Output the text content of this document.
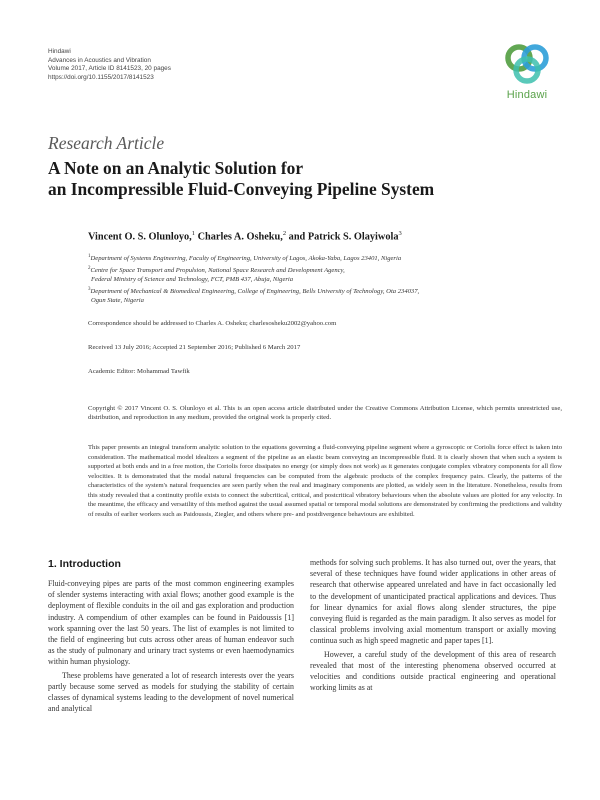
Hindawi
Advances in Acoustics and Vibration
Volume 2017, Article ID 8141523, 20 pages
https://doi.org/10.1155/2017/8141523
Hindawi
Research Article
A Note on an Analytic Solution for
an Incompressible Fluid-Conveying Pipeline System
Vincent O. S. Olunloyo,$^1$ Charles A. Osheku,$^2$ and Patrick S. Olayiwola$^3$
$^1$Department of Systems Engineering, Faculty of Engineering, University of Lagos, Akoka-Yaba, Lagos 23401, Nigeria
$^2$Centre for Space Transport and Propulsion, National Space Research and Development Agency,
Federal Ministry of Science and Technology, FCT, PMB 437, Abuja, Nigeria
$^3$Department of Mechanical & Biomedical Engineering, College of Engineering, Bells University of Technology, Ota 234037,
Ogun State, Nigeria
Correspondence should be addressed to Charles A. Osheku; charlesosheku2002@yahoo.com
Received 13 July 2016; Accepted 21 September 2016; Published 6 March 2017
Academic Editor: Mohammad Tawfik
Copyright © 2017 Vincent O. S. Olunloyo et al. This is an open access article distributed under the Creative Commons Attribution License, which permits unrestricted use, distribution, and reproduction in any medium, provided the original work is properly cited.
This paper presents an integral transform analytic solution to the equations governing a fluid-conveying pipeline segment where a gyroscopic or Coriolis force effect is taken into consideration. The mathematical model idealizes a segment of the pipeline as an elastic beam conveying an incompressible fluid. It is clearly shown that when such a system is supported at both ends and in a free motion, the Coriolis force dissipates no energy (or simply does not work) as it generates conjugate complex vibratory components for all flow velocities. It is demonstrated that the modal natural frequencies can be computed from the algebraic products of the complex frequency pairs. Clearly, the patterns of the characteristics of the system's natural frequencies are seen partly when the real and imaginary components are plotted, as widely seen in the literature. Nonetheless, results from this study revealed that a continuity profile exists to connect the subcritical, critical, and postcritical vibratory behaviours when the absolute values are plotted for any velocity. In the meantime, the efficacy and versatility of this method against the usual assumed spatial or temporal modal solutions are demonstrated by confirming the predictions and validity of results of earlier workers such as Paidoussis, Ziegler, and others where pre- and postdivergence behaviours are exhibited.
1. Introduction

Fluid-conveying pipes are parts of the most common engineering examples of slender systems interacting with axial flows; another good example is the deployment of flexible conduits in the oil and gas exploration and production industry. A compendium of other examples can be found in Paidoussis [1] work spanning over the last 50 years. The list of examples is not limited to the field of engineering but cuts across other areas of human endeavor such as the study of pulmonary and urinary tract systems or even haemodynamics within human physiology.

These problems have generated a lot of research interests over the years partly because some served as models for studying the stability of certain classes of dynamical systems leading to the development of novel numerical and analytical

methods for solving such problems. It has also turned out, over the years, that several of these techniques have found wider applications in other areas of research that otherwise appeared unrelated and have in fact occasionally led to the development of unanticipated practical applications and devices. Thus for linear dynamics for axial flows along slender structures, the pipe conveying fluid is regarded as the main paradigm. It also serves as model for classical problems involving axial momentum transport or axially moving continua such as high speed magnetic and paper tapes [1].

However, a careful study of the development of this area of research revealed that most of the interesting phenomena observed occurred at velocities and conditions outside practical engineering and operational working limits as at
